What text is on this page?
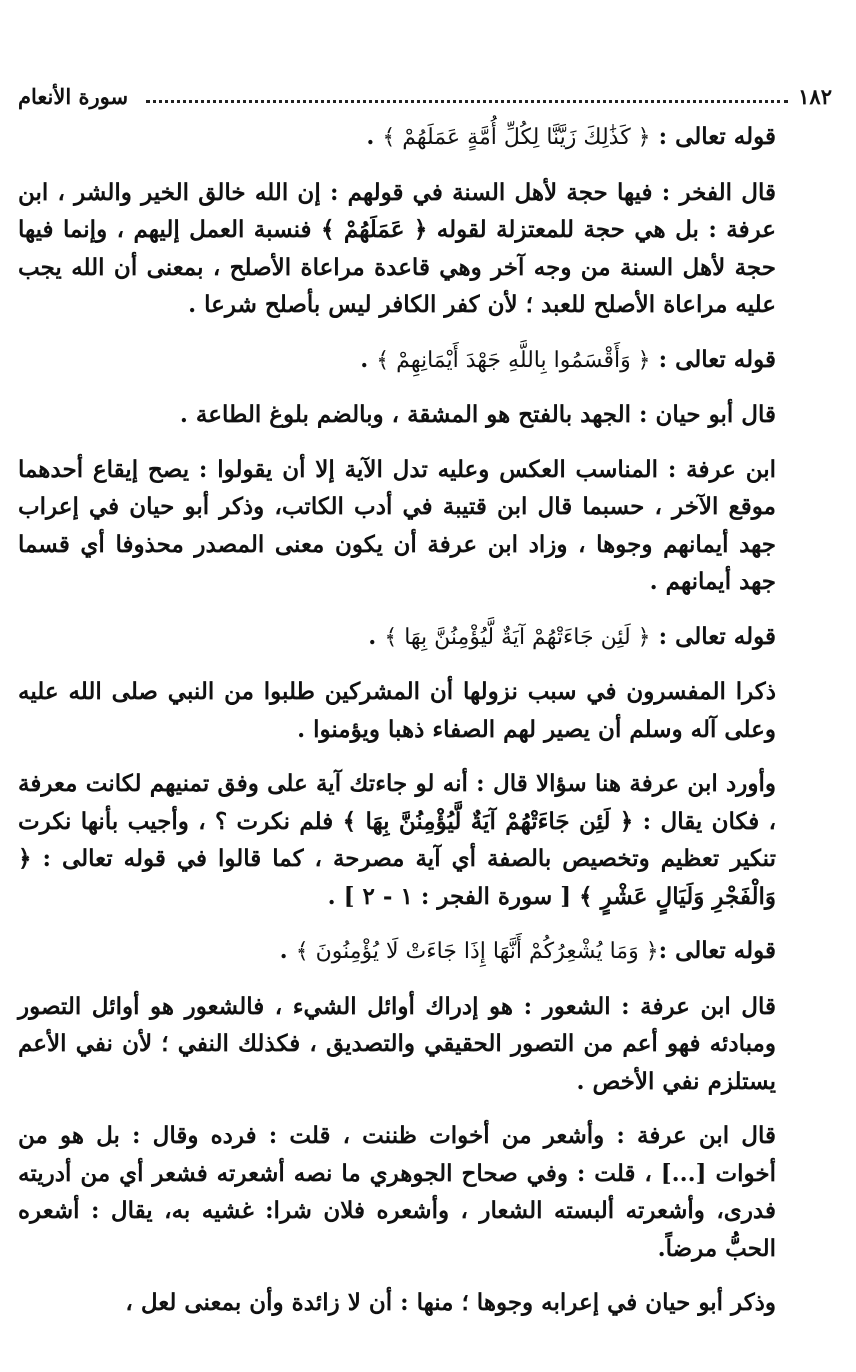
١٨٢
سورة الأنعام

قوله تعالى : ﴿ كَذَٰلِكَ زَيَّنَّا لِكُلِّ أُمَّةٍ عَمَلَهُمْ ﴾ .

قال الفخر : فيها حجة لأهل السنة في قولهم : إن الله خالق الخير والشر ، ابن عرفة : بل هي حجة للمعتزلة لقوله ﴿ عَمَلَهُمْ ﴾ فنسبة العمل إليهم ، وإنما فيها حجة لأهل السنة من وجه آخر وهي قاعدة مراعاة الأصلح ، بمعنى أن الله يجب عليه مراعاة الأصلح للعبد ؛ لأن كفر الكافر ليس بأصلح شرعا .

قوله تعالى : ﴿ وَأَقْسَمُوا بِاللَّهِ جَهْدَ أَيْمَانِهِمْ ﴾ .

قال أبو حيان : الجهد بالفتح هو المشقة ، وبالضم بلوغ الطاعة .

ابن عرفة : المناسب العكس وعليه تدل الآية إلا أن يقولوا : يصح إيقاع أحدهما موقع الآخر ، حسبما قال ابن قتيبة في أدب الكاتب، وذكر أبو حيان في إعراب جهد أيمانهم وجوها ، وزاد ابن عرفة أن يكون معنى المصدر محذوفا أي قسما جهد أيمانهم .

قوله تعالى : ﴿ لَئِن جَاءَتْهُمْ آيَةٌ لَّيُؤْمِنُنَّ بِهَا ﴾ .

ذكرا المفسرون في سبب نزولها أن المشركين طلبوا من النبي صلى الله عليه وعلى آله وسلم أن يصير لهم الصفاء ذهبا ويؤمنوا .

وأورد ابن عرفة هنا سؤالا قال : أنه لو جاءتك آية على وفق تمنيهم لكانت معرفة ، فكان يقال : ﴿ لَئِن جَاءَتْهُمْ آيَةٌ لَّيُؤْمِنُنَّ بِهَا ﴾ فلم نكرت ؟ ، وأجيب بأنها نكرت تنكير تعظيم وتخصيص بالصفة أي آية مصرحة ، كما قالوا في قوله تعالى : ﴿ وَالْفَجْرِ وَلَيَالٍ عَشْرٍ ﴾ [ سورة الفجر : ١ - ٢ ] .

قوله تعالى :﴿ وَمَا يُشْعِرُكُمْ أَنَّهَا إِذَا جَاءَتْ لَا يُؤْمِنُونَ ﴾ .

قال ابن عرفة : الشعور : هو إدراك أوائل الشيء ، فالشعور هو أوائل التصور ومبادئه فهو أعم من التصور الحقيقي والتصديق ، فكذلك النفي ؛ لأن نفي الأعم يستلزم نفي الأخص .

قال ابن عرفة : وأشعر من أخوات ظننت ، قلت : فرده وقال : بل هو من أخوات [...] ، قلت : وفي صحاح الجوهري ما نصه أشعرته فشعر أي من أدريته فدرى، وأشعرته ألبسته الشعار ، وأشعره فلان شرا: غشيه به، يقال : أشعره الحبُّ مرضاً.

وذكر أبو حيان في إعرابه وجوها ؛ منها : أن لا زائدة وأن بمعنى لعل ،
